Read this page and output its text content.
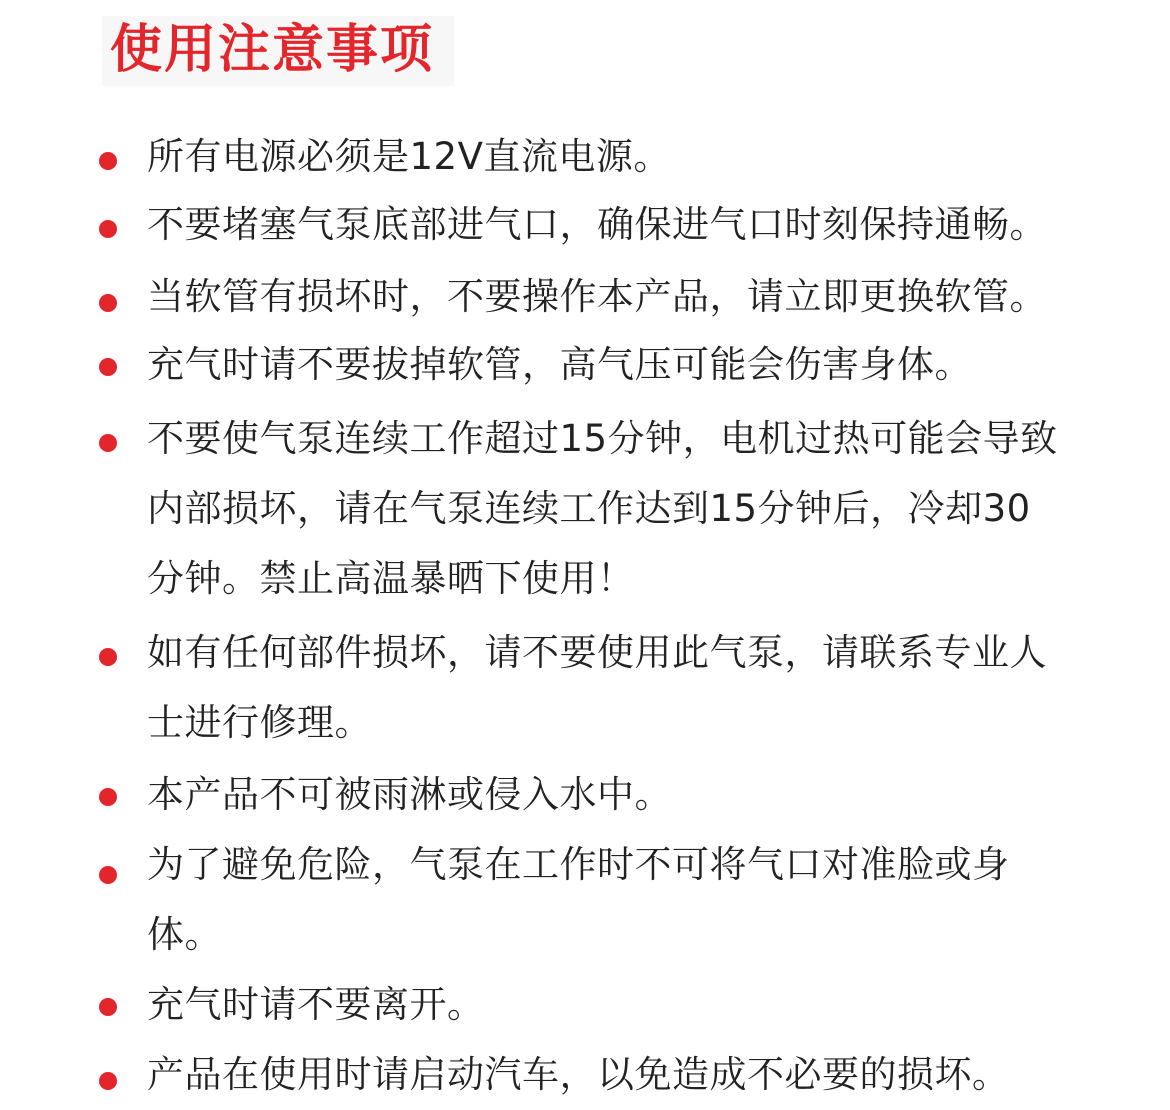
使用注意事项
所有电源必须是12V直流电源。
不要堵塞气泵底部进气口，确保进气口时刻保持通畅。
当软管有损坏时，不要操作本产品，请立即更换软管。
充气时请不要拔掉软管，高气压可能会伤害身体。
不要使气泵连续工作超过15分钟，电机过热可能会导致内部损坏，请在气泵连续工作达到15分钟后，冷却30分钟。禁止高温暴晒下使用！
如有任何部件损坏，请不要使用此气泵，请联系专业人士进行修理。
本产品不可被雨淋或侵入水中。
为了避免危险，气泵在工作时不可将气口对准脸或身体。
充气时请不要离开。
产品在使用时请启动汽车，以免造成不必要的损坏。
